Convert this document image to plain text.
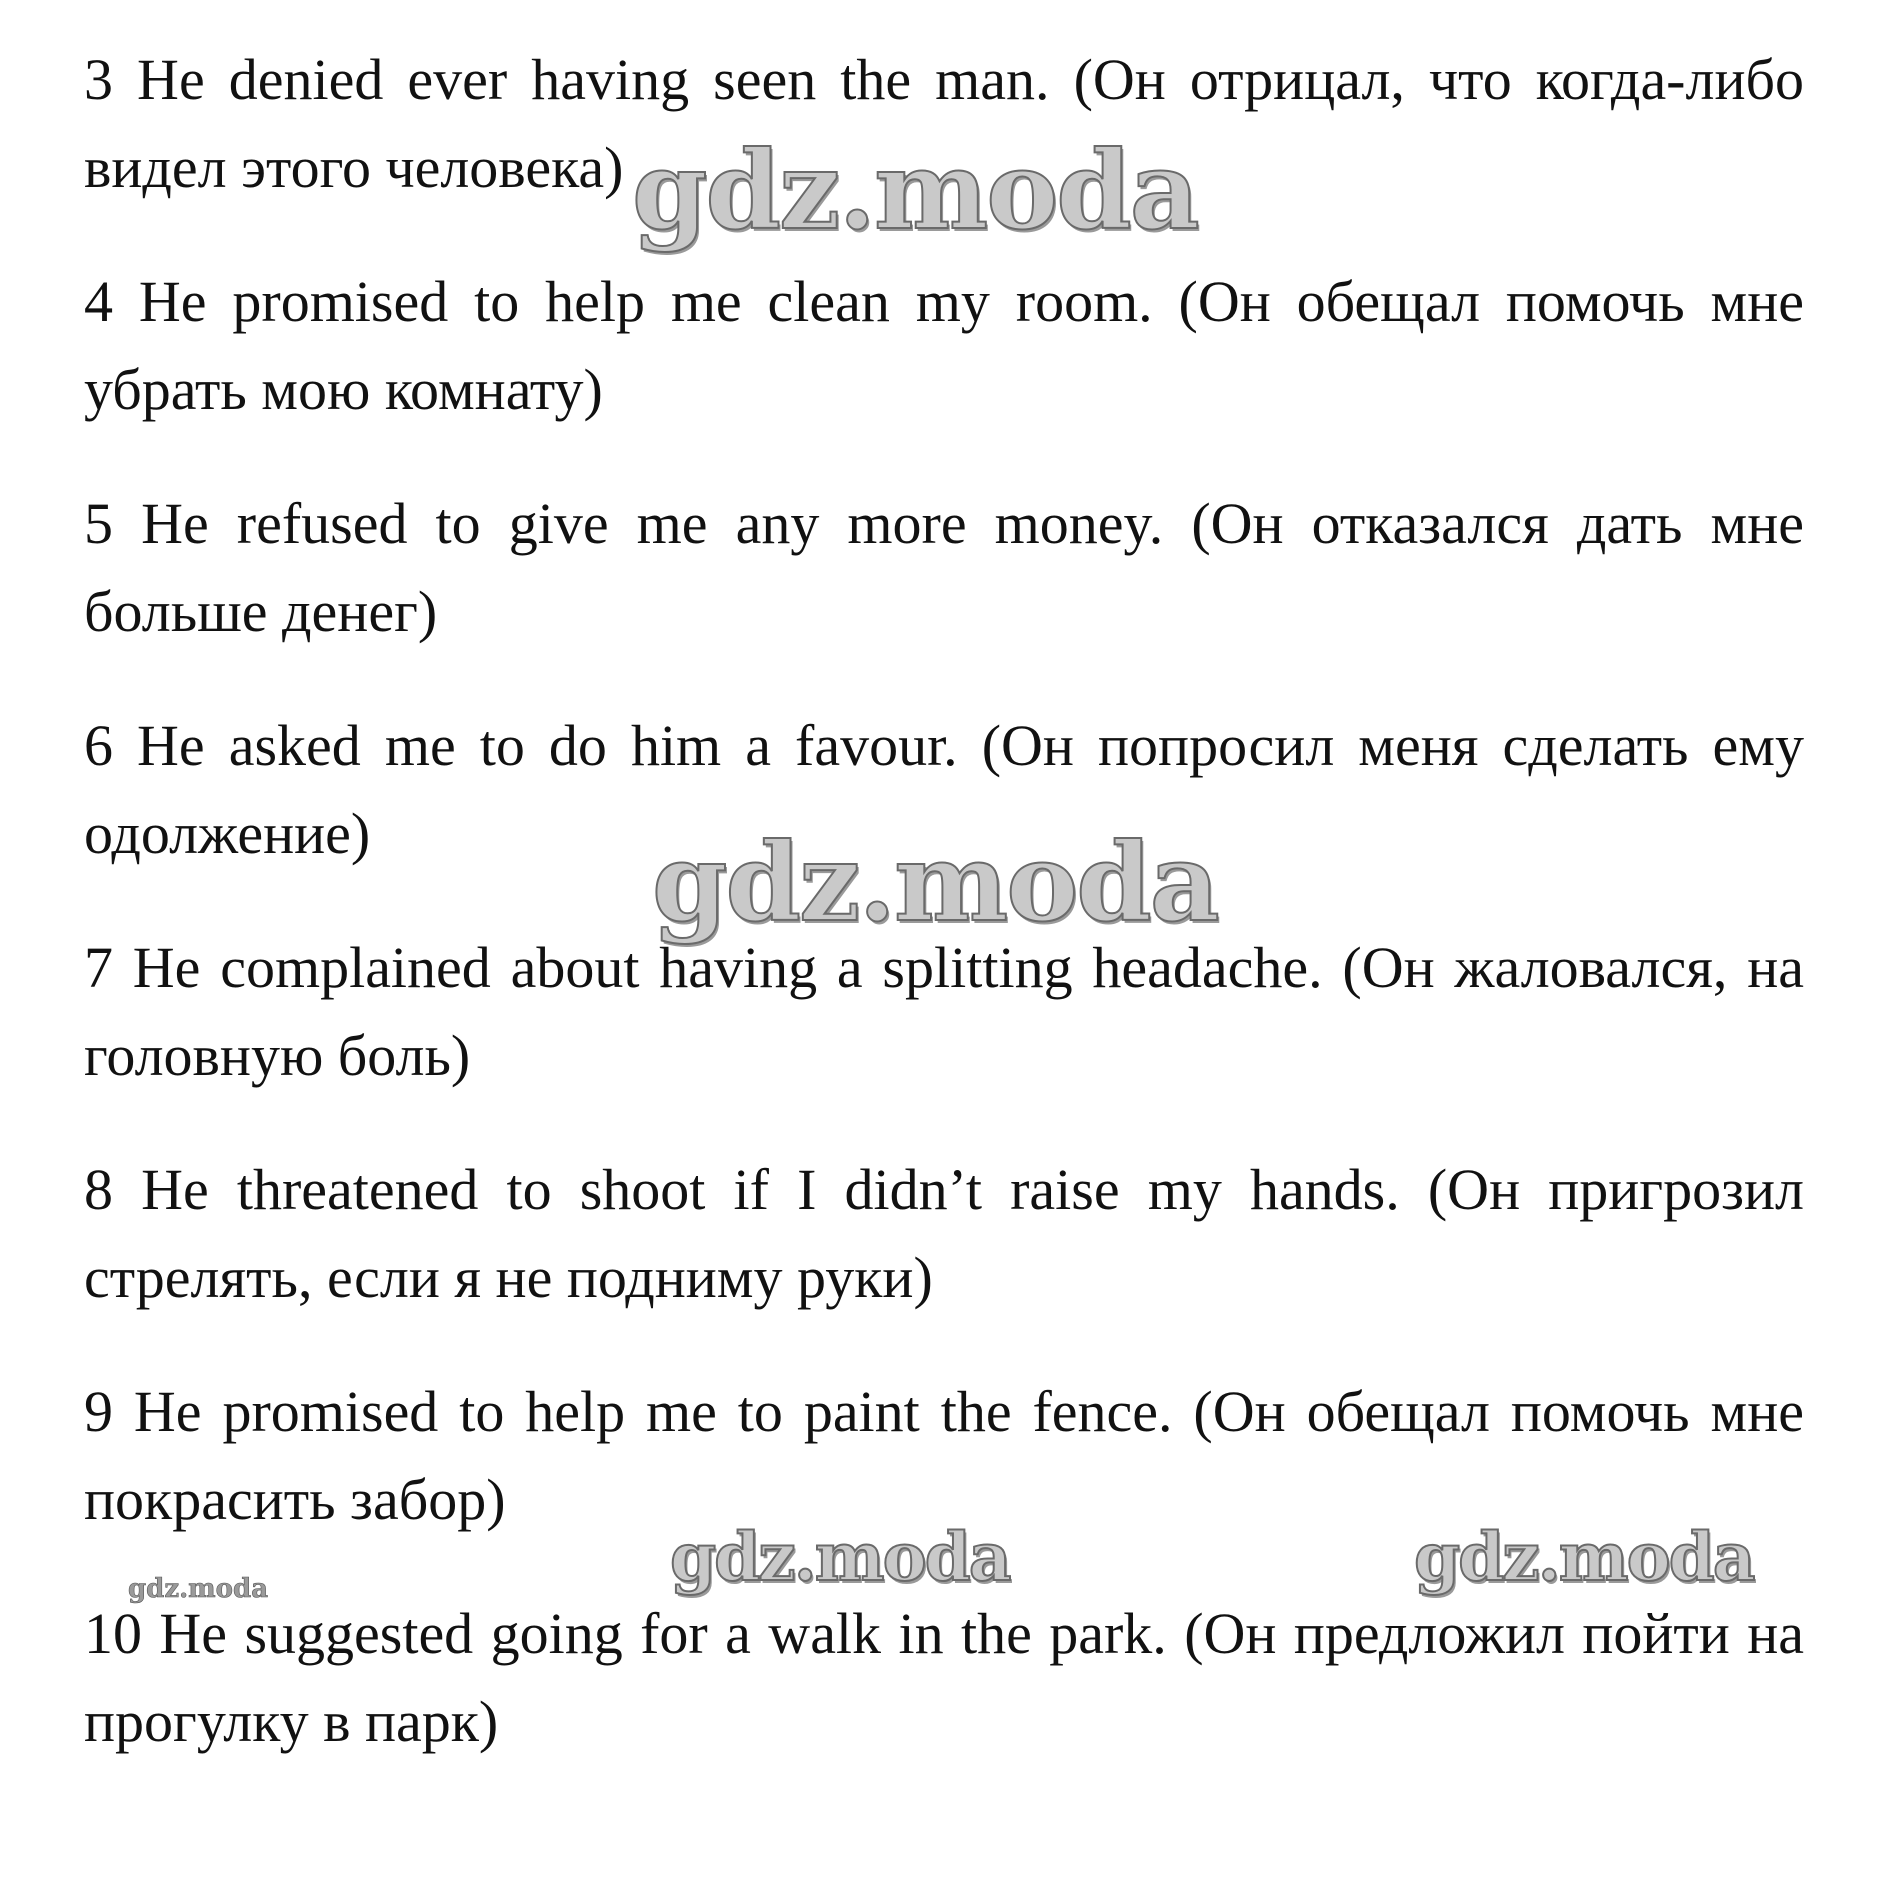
3 He denied ever having seen the man. (Он отрицал, что когда-либо видел этого человека)

4 He promised to help me clean my room. (Он обещал помочь мне убрать мою комнату)

5 He refused to give me any more money. (Он отказался дать мне больше денег)

6 He asked me to do him a favour. (Он попросил меня сделать ему одолжение)

7 He complained about having a splitting headache. (Он жаловался, на головную боль)

8 He threatened to shoot if I didn’t raise my hands. (Он пригрозил стрелять, если я не подниму руки)

9 He promised to help me to paint the fence. (Он обещал помочь мне покрасить забор)

10 He suggested going for a walk in the park. (Он предложил пойти на прогулку в парк)

gdz.moda
gdz.moda
gdz.moda	gdz.moda
gdz.moda
